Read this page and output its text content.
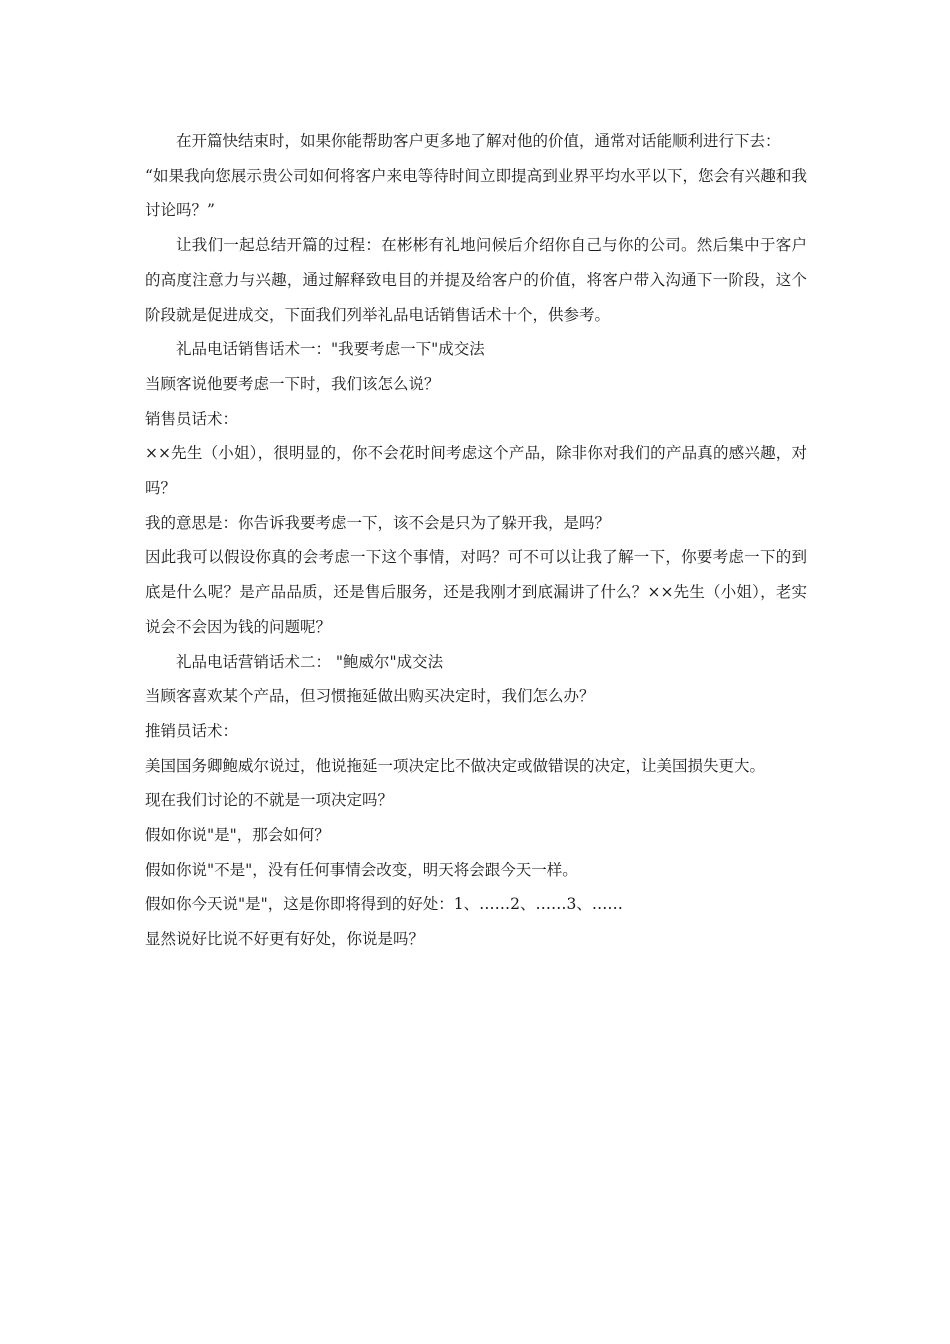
在开篇快结束时，如果你能帮助客户更多地了解对他的价值，通常对话能顺利进行下去：

“如果我向您展示贵公司如何将客户来电等待时间立即提高到业界平均水平以下，您会有兴趣和我讨论吗？”

让我们一起总结开篇的过程：在彬彬有礼地问候后介绍你自己与你的公司。然后集中于客户的高度注意力与兴趣，通过解释致电目的并提及给客户的价值，将客户带入沟通下一阶段，这个阶段就是促进成交，下面我们列举礼品电话销售话术十个，供参考。

礼品电话销售话术一："我要考虑一下"成交法

当顾客说他要考虑一下时，我们该怎么说？

销售员话术：

××先生（小姐），很明显的，你不会花时间考虑这个产品，除非你对我们的产品真的感兴趣，对吗？

我的意思是：你告诉我要考虑一下，该不会是只为了躲开我，是吗？

因此我可以假设你真的会考虑一下这个事情，对吗？可不可以让我了解一下，你要考虑一下的到底是什么呢？是产品品质，还是售后服务，还是我刚才到底漏讲了什么？××先生（小姐），老实说会不会因为钱的问题呢？

礼品电话营销话术二： "鲍威尔"成交法

当顾客喜欢某个产品，但习惯拖延做出购买决定时，我们怎么办？

推销员话术：

美国国务卿鲍威尔说过，他说拖延一项决定比不做决定或做错误的决定，让美国损失更大。

现在我们讨论的不就是一项决定吗？

假如你说"是"，那会如何？

假如你说"不是"，没有任何事情会改变，明天将会跟今天一样。

假如你今天说"是"，这是你即将得到的好处：1、……2、……3、……

显然说好比说不好更有好处，你说是吗？
